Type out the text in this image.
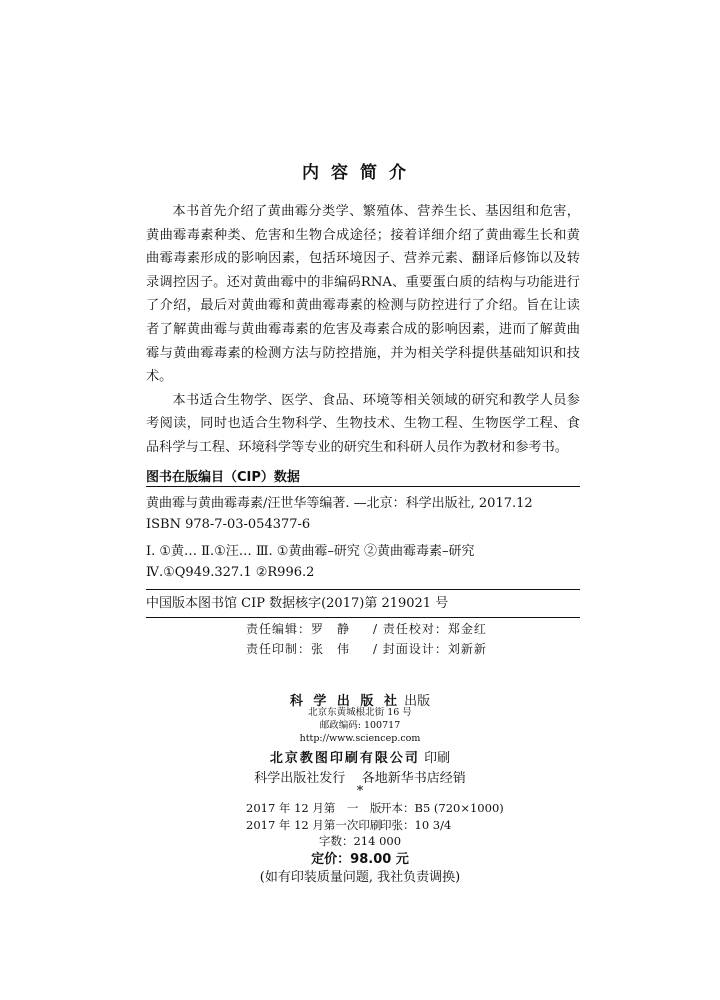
内容简介

本书首先介绍了黄曲霉分类学、繁殖体、营养生长、基因组和危害，黄曲霉毒素种类、危害和生物合成途径；接着详细介绍了黄曲霉生长和黄曲霉毒素形成的影响因素，包括环境因子、营养元素、翻译后修饰以及转录调控因子。还对黄曲霉中的非编码RNA、重要蛋白质的结构与功能进行了介绍，最后对黄曲霉和黄曲霉毒素的检测与防控进行了介绍。旨在让读者了解黄曲霉与黄曲霉毒素的危害及毒素合成的影响因素，进而了解黄曲霉与黄曲霉毒素的检测方法与防控措施，并为相关学科提供基础知识和技术。

本书适合生物学、医学、食品、环境等相关领域的研究和教学人员参考阅读，同时也适合生物科学、生物技术、生物工程、生物医学工程、食品科学与工程、环境科学等专业的研究生和科研人员作为教材和参考书。

图书在版编目（CIP）数据
黄曲霉与黄曲霉毒素/汪世华等编著. —北京：科学出版社, 2017.12
ISBN 978-7-03-054377-6
Ⅰ. ①黄… Ⅱ.①汪… Ⅲ. ①黄曲霉–研究 ②黄曲霉毒素–研究
Ⅳ.①Q949.327.1 ②R996.2
中国版本图书馆 CIP 数据核字(2017)第 219021 号
责任编辑：罗　静 / 责任校对：郑金红
责任印制：张　伟 / 封面设计：刘新新
科 学 出 版 社 出版
北京东黄城根北街 16 号
邮政编码: 100717
http://www.sciencep.com
北京教图印刷有限公司 印刷
科学出版社发行 各地新华书店经销
*
2017 年 12 月第　一　版
开本：B5 (720×1000)
2017 年 12 月第一次印刷
印张：10 3/4
字数：214 000
定价：98.00 元
(如有印装质量问题, 我社负责调换)
